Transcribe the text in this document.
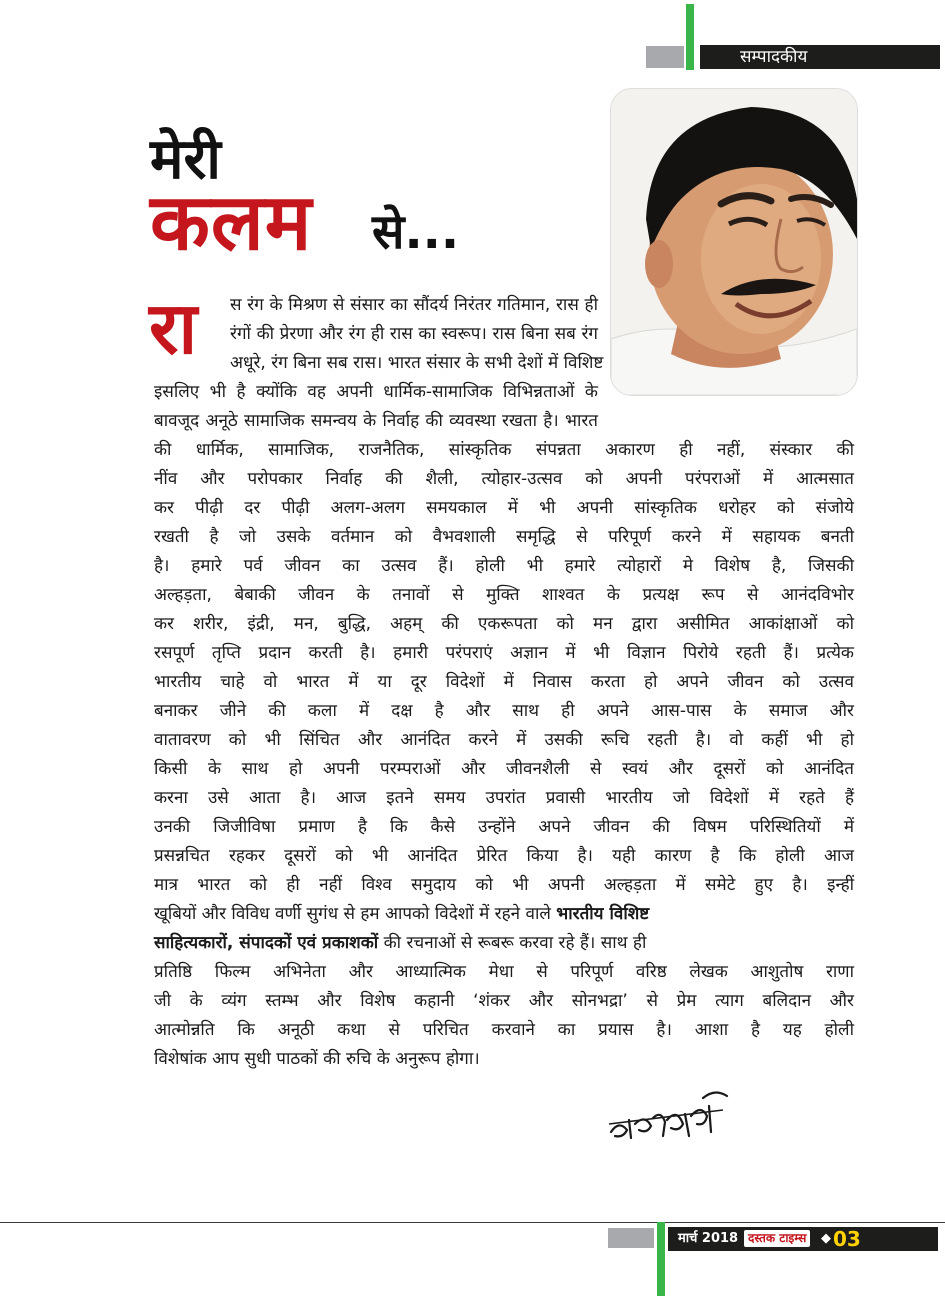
सम्पादकीय
मेरी
कलम से...
रा स रंग के मिश्रण से संसार का सौंदर्य निरंतर गतिमान, रास ही
रंगों की प्रेरणा और रंग ही रास का स्वरूप। रास बिना सब रंग
अधूरे, रंग बिना सब रास। भारत संसार के सभी देशों में विशिष्ट
इसलिए भी है क्योंकि वह अपनी धार्मिक-सामाजिक विभिन्नताओं के
बावजूद अनूठे सामाजिक समन्वय के निर्वाह की व्यवस्था रखता है। भारत
की धार्मिक, सामाजिक, राजनैतिक, सांस्कृतिक संपन्नता अकारण ही नहीं, संस्कार की
नींव और परोपकार निर्वाह की शैली, त्योहार-उत्सव को अपनी परंपराओं में आत्मसात
कर पीढ़ी दर पीढ़ी अलग-अलग समयकाल में भी अपनी सांस्कृतिक धरोहर को संजोये
रखती है जो उसके वर्तमान को वैभवशाली समृद्धि से परिपूर्ण करने में सहायक बनती
है। हमारे पर्व जीवन का उत्सव हैं। होली भी हमारे त्योहारों मे विशेष है, जिसकी
अल्हड़ता, बेबाकी जीवन के तनावों से मुक्ति शाश्वत के प्रत्यक्ष रूप से आनंदविभोर
कर शरीर, इंद्री, मन, बुद्धि, अहम् की एकरूपता को मन द्वारा असीमित आकांक्षाओं को
रसपूर्ण तृप्ति प्रदान करती है। हमारी परंपराएं अज्ञान में भी विज्ञान पिरोये रहती हैं। प्रत्येक
भारतीय चाहे वो भारत में या दूर विदेशों में निवास करता हो अपने जीवन को उत्सव
बनाकर जीने की कला में दक्ष है और साथ ही अपने आस-पास के समाज और
वातावरण को भी सिंचित और आनंदित करने में उसकी रूचि रहती है। वो कहीं भी हो
किसी के साथ हो अपनी परम्पराओं और जीवनशैली से स्वयं और दूसरों को आनंदित
करना उसे आता है। आज इतने समय उपरांत प्रवासी भारतीय जो विदेशों में रहते हैं
उनकी जिजीविषा प्रमाण है कि कैसे उन्होंने अपने जीवन की विषम परिस्थितियों में
प्रसन्नचित रहकर दूसरों को भी आनंदित प्रेरित किया है। यही कारण है कि होली आज
मात्र भारत को ही नहीं विश्व समुदाय को भी अपनी अल्हड़ता में समेटे हुए है। इन्हीं
खूबियों और विविध वर्णी सुगंध से हम आपको विदेशों में रहने वाले भारतीय विशिष्ट
साहित्यकारों, संपादकों एवं प्रकाशकों की रचनाओं से रूबरू करवा रहे हैं। साथ ही
प्रतिष्ठि फिल्म अभिनेता और आध्यात्मिक मेधा से परिपूर्ण वरिष्ठ लेखक आशुतोष राणा
जी के व्यंग स्तम्भ और विशेष कहानी ‘शंकर और सोनभद्रा’ से प्रेम त्याग बलिदान और
आत्मोन्नति कि अनूठी कथा से परिचित करवाने का प्रयास है। आशा है यह होली
विशेषांक आप सुधी पाठकों की रुचि के अनुरूप होगा।
मार्च 2018 दस्तक टाइम्स	◆ 03
